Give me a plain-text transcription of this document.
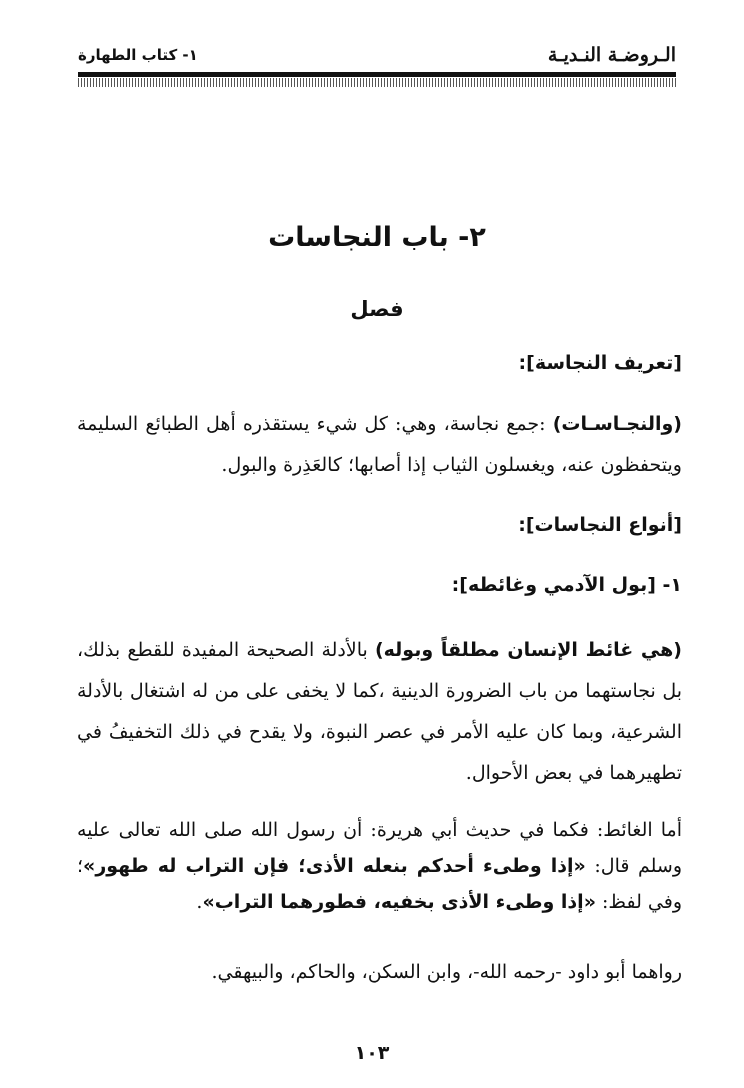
الـروضـة النـديـة
١- كتاب الطهارة
٢- باب النجاسات
فصل
[تعريف النجاسة]:
(والنجـاسـات) :جمع نجاسة، وهي: كل شيء يستقذره أهل الطبائع السليمة ويتحفظون عنه، ويغسلون الثياب إذا أصابها؛ كالعَذِرة والبول.
[أنواع النجاسات]:
١- [بول الآدمي وغائطه]:
(هي غائط الإنسان مطلقاً وبوله) بالأدلة الصحيحة المفيدة للقطع بذلك، بل نجاستهما من باب الضرورة الدينية ،كما لا يخفى على من له اشتغال بالأدلة الشرعية، وبما كان عليه الأمر في عصر النبوة، ولا يقدح في ذلك التخفيفُ في تطهيرهما في بعض الأحوال.
أما الغائط: فكما في حديث أبي هريرة: أن رسول الله صلى الله تعالى عليه وسلم قال: «إذا وطىء أحدكم بنعله الأذى؛ فإن التراب له طهور»؛ وفي لفظ: «إذا وطىء الأذى بخفيه، فطورهما التراب».
رواهما أبو داود -رحمه الله-، وابن السكن، والحاكم، والبيهقي.
١٠٣
